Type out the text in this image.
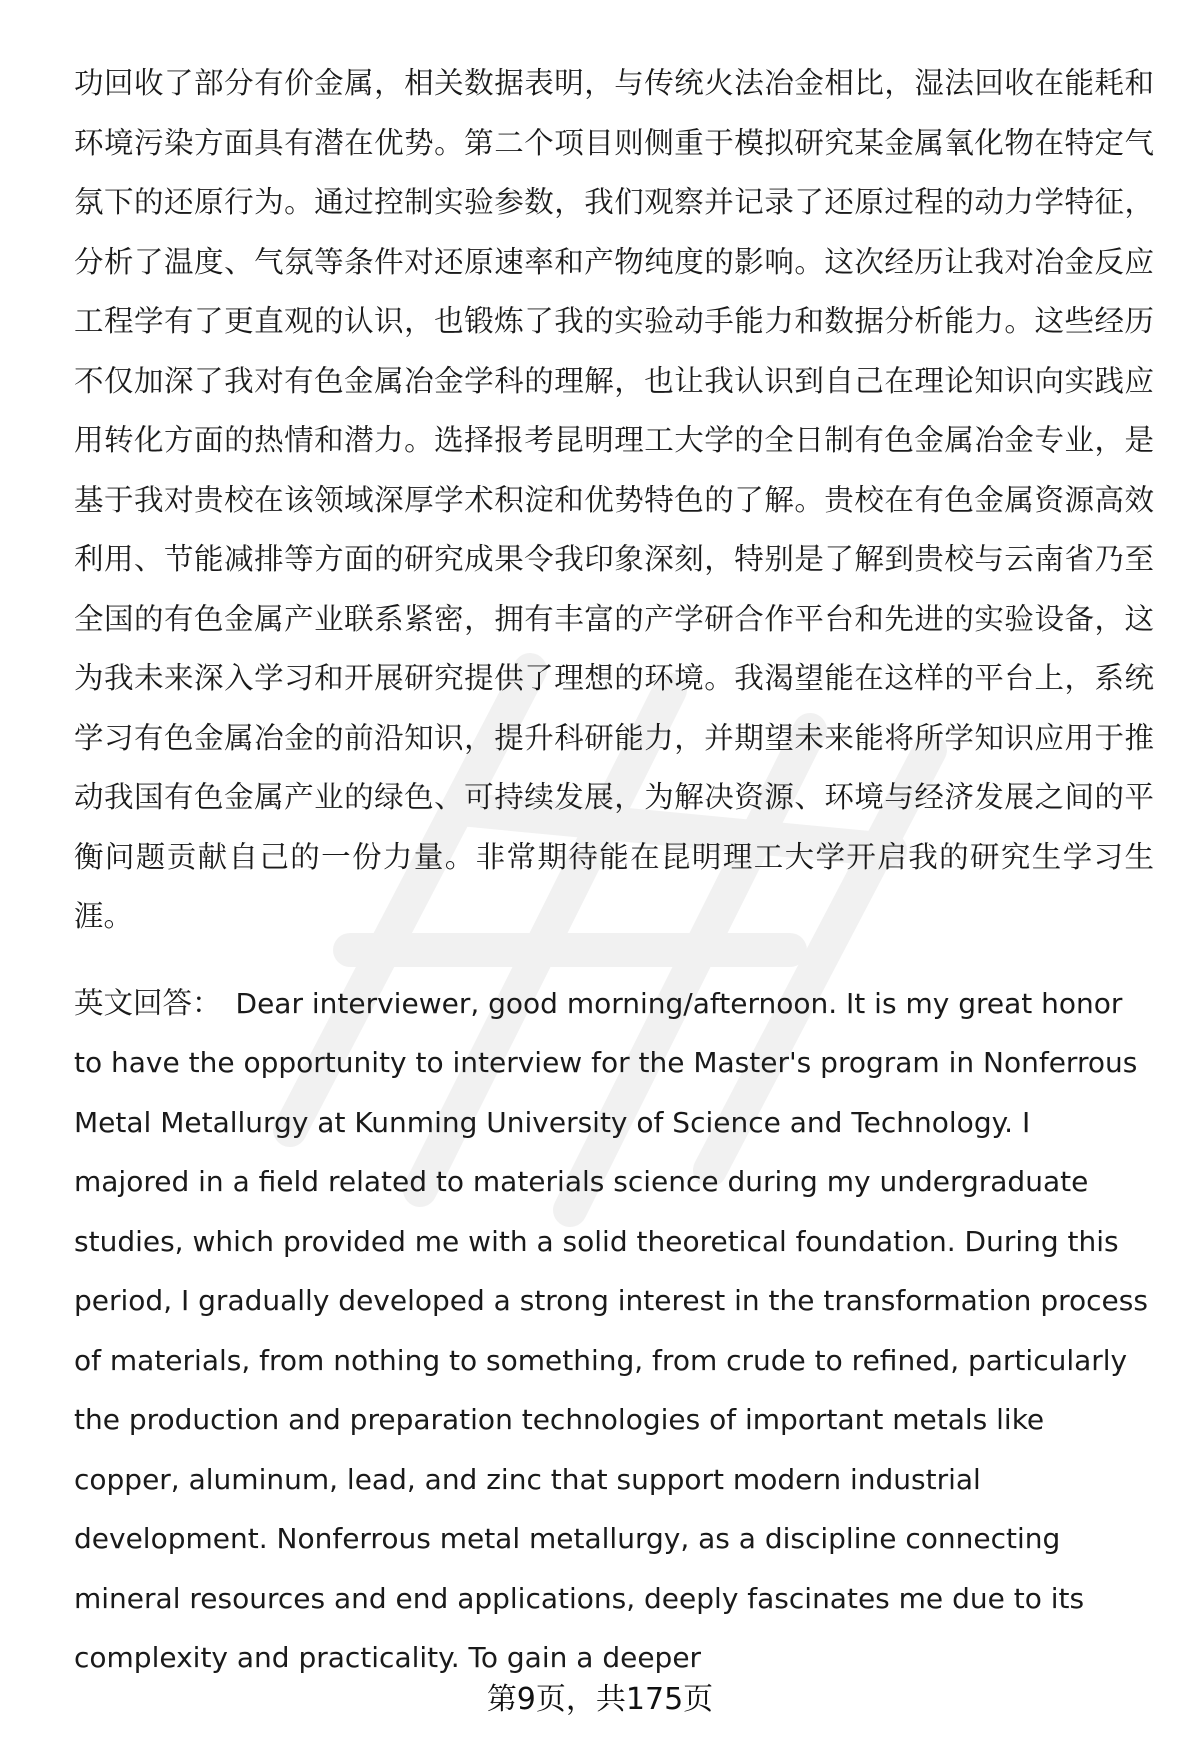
功回收了部分有价金属，相关数据表明，与传统火法冶金相比，湿法回收在能耗和环境污染方面具有潜在优势。第二个项目则侧重于模拟研究某金属氧化物在特定气氛下的还原行为。通过控制实验参数，我们观察并记录了还原过程的动力学特征，分析了温度、气氛等条件对还原速率和产物纯度的影响。这次经历让我对冶金反应工程学有了更直观的认识，也锻炼了我的实验动手能力和数据分析能力。这些经历不仅加深了我对有色金属冶金学科的理解，也让我认识到自己在理论知识向实践应用转化方面的热情和潜力。选择报考昆明理工大学的全日制有色金属冶金专业，是基于我对贵校在该领域深厚学术积淀和优势特色的了解。贵校在有色金属资源高效利用、节能减排等方面的研究成果令我印象深刻，特别是了解到贵校与云南省乃至全国的有色金属产业联系紧密，拥有丰富的产学研合作平台和先进的实验设备，这为我未来深入学习和开展研究提供了理想的环境。我渴望能在这样的平台上，系统学习有色金属冶金的前沿知识，提升科研能力，并期望未来能将所学知识应用于推动我国有色金属产业的绿色、可持续发展，为解决资源、环境与经济发展之间的平衡问题贡献自己的一份力量。非常期待能在昆明理工大学开启我的研究生学习生涯。

英文回答： Dear interviewer, good morning/afternoon. It is my great honor to have the opportunity to interview for the Master's program in Nonferrous Metal Metallurgy at Kunming University of Science and Technology. I majored in a field related to materials science during my undergraduate studies, which provided me with a solid theoretical foundation. During this period, I gradually developed a strong interest in the transformation process of materials, from nothing to something, from crude to refined, particularly the production and preparation technologies of important metals like copper, aluminum, lead, and zinc that support modern industrial development. Nonferrous metal metallurgy, as a discipline connecting mineral resources and end applications, deeply fascinates me due to its complexity and practicality. To gain a deeper

第9页，共175页
